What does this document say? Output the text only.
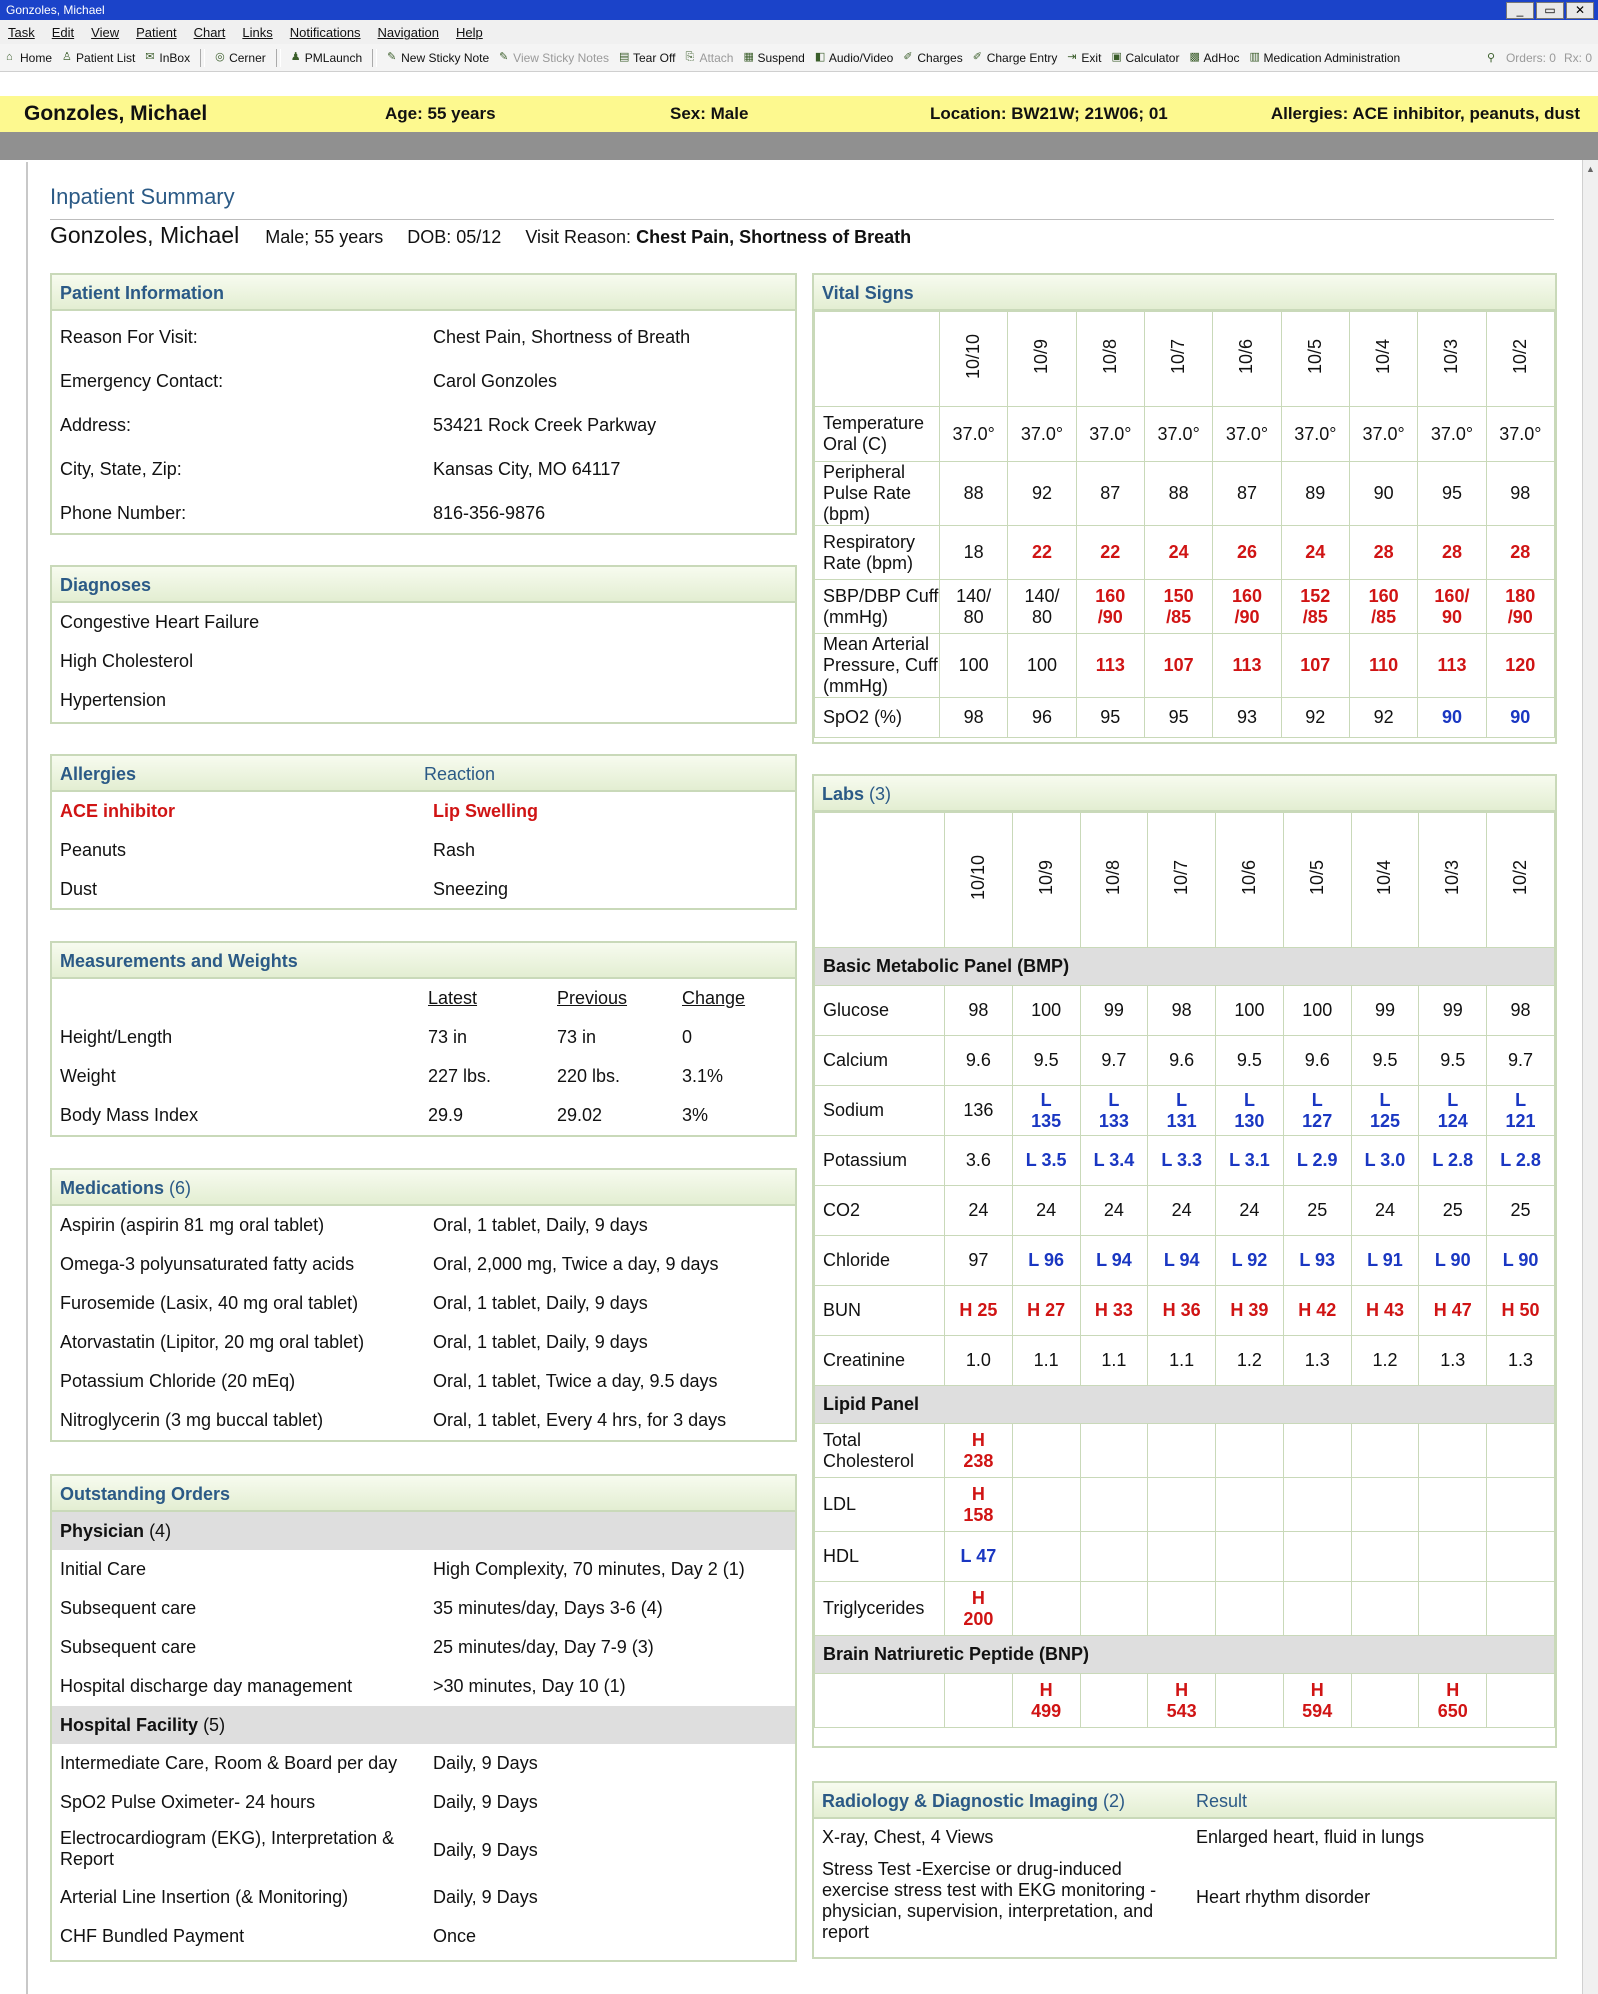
Gonzoles, Michael	_	▭	✕
Task Edit View Patient Chart Links Notifications Navigation Help
⌂ Home ♙ Patient List ✉ InBox ◎ Cerner ♟ PMLaunch ✎ New Sticky Note ✎ View Sticky Notes ▤ Tear Off ⎘ Attach ▦ Suspend ◧ Audio/Video ✐ Charges ✐ Charge Entry ⇥ Exit ▣ Calculator ▩ AdHoc ▥ Medication Administration	⚲ Orders: 0 Rx: 0
Gonzoles, Michael	Age: 55 years	Sex: Male	Location: BW21W; 21W06; 01	Allergies: ACE inhibitor, peanuts, dust
▲
Inpatient Summary
Gonzoles, Michael Male; 55 years DOB: 05/12 Visit Reason: Chest Pain, Shortness of Breath
Patient Information
Reason For Visit:	Chest Pain, Shortness of Breath
Emergency Contact:	Carol Gonzoles
Address:	53421 Rock Creek Parkway
City, State, Zip:	Kansas City, MO 64117
Phone Number:	816-356-9876
Diagnoses
Congestive Heart Failure
High Cholesterol
Hypertension
Allergies	Reaction
ACE inhibitor	Lip Swelling
Peanuts	Rash
Dust	Sneezing
Measurements and Weights
Latest	Previous	Change
Height/Length	73 in	73 in	0
Weight	227 lbs.	220 lbs.	3.1%
Body Mass Index	29.9	29.02	3%
Medications (6)
Aspirin (aspirin 81 mg oral tablet)	Oral, 1 tablet, Daily, 9 days
Omega-3 polyunsaturated fatty acids	Oral, 2,000 mg, Twice a day, 9 days
Furosemide (Lasix, 40 mg oral tablet)	Oral, 1 tablet, Daily, 9 days
Atorvastatin (Lipitor, 20 mg oral tablet)	Oral, 1 tablet, Daily, 9 days
Potassium Chloride (20 mEq)	Oral, 1 tablet, Twice a day, 9.5 days
Nitroglycerin (3 mg buccal tablet)	Oral, 1 tablet, Every 4 hrs, for 3 days
Outstanding Orders
Physician (4)
Initial Care	High Complexity, 70 minutes, Day 2 (1)
Subsequent care	35 minutes/day, Days 3-6 (4)
Subsequent care	25 minutes/day, Day 7-9 (3)
Hospital discharge day management	>30 minutes, Day 10 (1)
Hospital Facility (5)
Intermediate Care, Room & Board per day Daily, 9 Days
SpO2 Pulse Oximeter- 24 hours	Daily, 9 Days
Electrocardiogram (EKG), Interpretation & Report	Daily, 9 Days
Arterial Line Insertion (& Monitoring)	Daily, 9 Days
CHF Bundled Payment	Once
Vital Signs
	10/10	10/9	10/8	10/7	10/6	10/5	10/4	10/3	10/2
Temperature Oral (C)	37.0°	37.0°	37.0°	37.0°	37.0°	37.0°	37.0°	37.0°	37.0°
Peripheral Pulse Rate (bpm)	88	92	87	88	87	89	90	95	98
Respiratory Rate (bpm)	18	22	22	24	26	24	28	28	28
SBP/DBP Cuff (mmHg)	140/
80	140/
80	160
/90	150
/85	160
/90	152
/85	160
/85	160/
90	180
/90
Mean Arterial Pressure, Cuff (mmHg)	100	100	113	107	113	107	110	113	120
SpO2 (%)	98	96	95	95	93	92	92	90	90
Labs (3)
	10/10	10/9	10/8	10/7	10/6	10/5	10/4	10/3	10/2
Basic Metabolic Panel (BMP)									
Glucose	98	100	99	98	100	100	99	99	98
Calcium	9.6	9.5	9.7	9.6	9.5	9.6	9.5	9.5	9.7
Sodium	136	L
135	L
133	L
131	L
130	L
127	L
125	L
124	L
121
Potassium	3.6	L 3.5	L 3.4	L 3.3	L 3.1	L 2.9	L 3.0	L 2.8	L 2.8
CO2	24	24	24	24	24	25	24	25	25
Chloride	97	L 96	L 94	L 94	L 92	L 93	L 91	L 90	L 90
BUN	H 25	H 27	H 33	H 36	H 39	H 42	H 43	H 47	H 50
Creatinine	1.0	1.1	1.1	1.1	1.2	1.3	1.2	1.3	1.3
Lipid Panel									
Total Cholesterol	H
238								
LDL	H
158								
HDL	L 47								
Triglycerides	H
200								
Brain Natriuretic Peptide (BNP)									
		H
499		H
543		H
594		H
650	
Radiology & Diagnostic Imaging (2)	Result
X-ray, Chest, 4 Views	Enlarged heart, fluid in lungs
Stress Test -Exercise or drug-induced exercise stress test with EKG monitoring - physician, supervision, interpretation, and report
Heart rhythm disorder
